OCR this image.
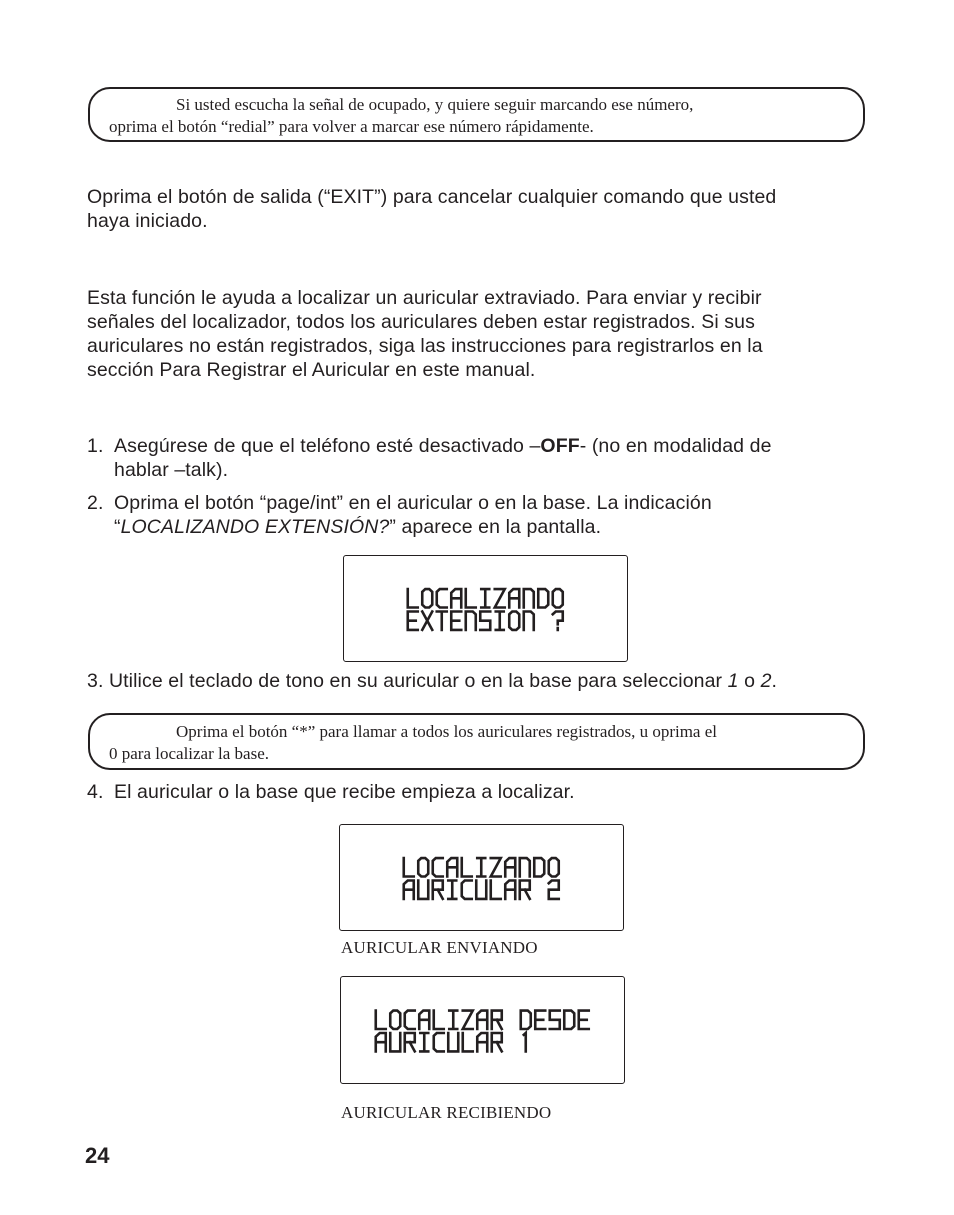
Si usted escucha la señal de ocupado, y quiere seguir marcando ese número,
oprima el botón “redial” para volver a marcar ese número rápidamente.
Oprima el botón de salida (“EXIT”) para cancelar cualquier comando que usted
haya iniciado.
Esta función le ayuda a localizar un auricular extraviado. Para enviar y recibir
señales del localizador, todos los auriculares deben estar registrados. Si sus
auriculares no están registrados, siga las instrucciones para registrarlos en la
sección Para Registrar el Auricular en este manual.
1. Asegúrese de que el teléfono esté desactivado –OFF- (no en modalidad de
hablar –talk).
2. Oprima el botón “page/int” en el auricular o en la base. La indicación
“LOCALIZANDO EXTENSIÓN?” aparece en la pantalla.
3. Utilice el teclado de tono en su auricular o en la base para seleccionar 1 o 2.
Oprima el botón “*” para llamar a todos los auriculares registrados, u oprima el
0 para localizar la base.
4. El auricular o la base que recibe empieza a localizar.
AURICULAR ENVIANDO
AURICULAR RECIBIENDO
24
